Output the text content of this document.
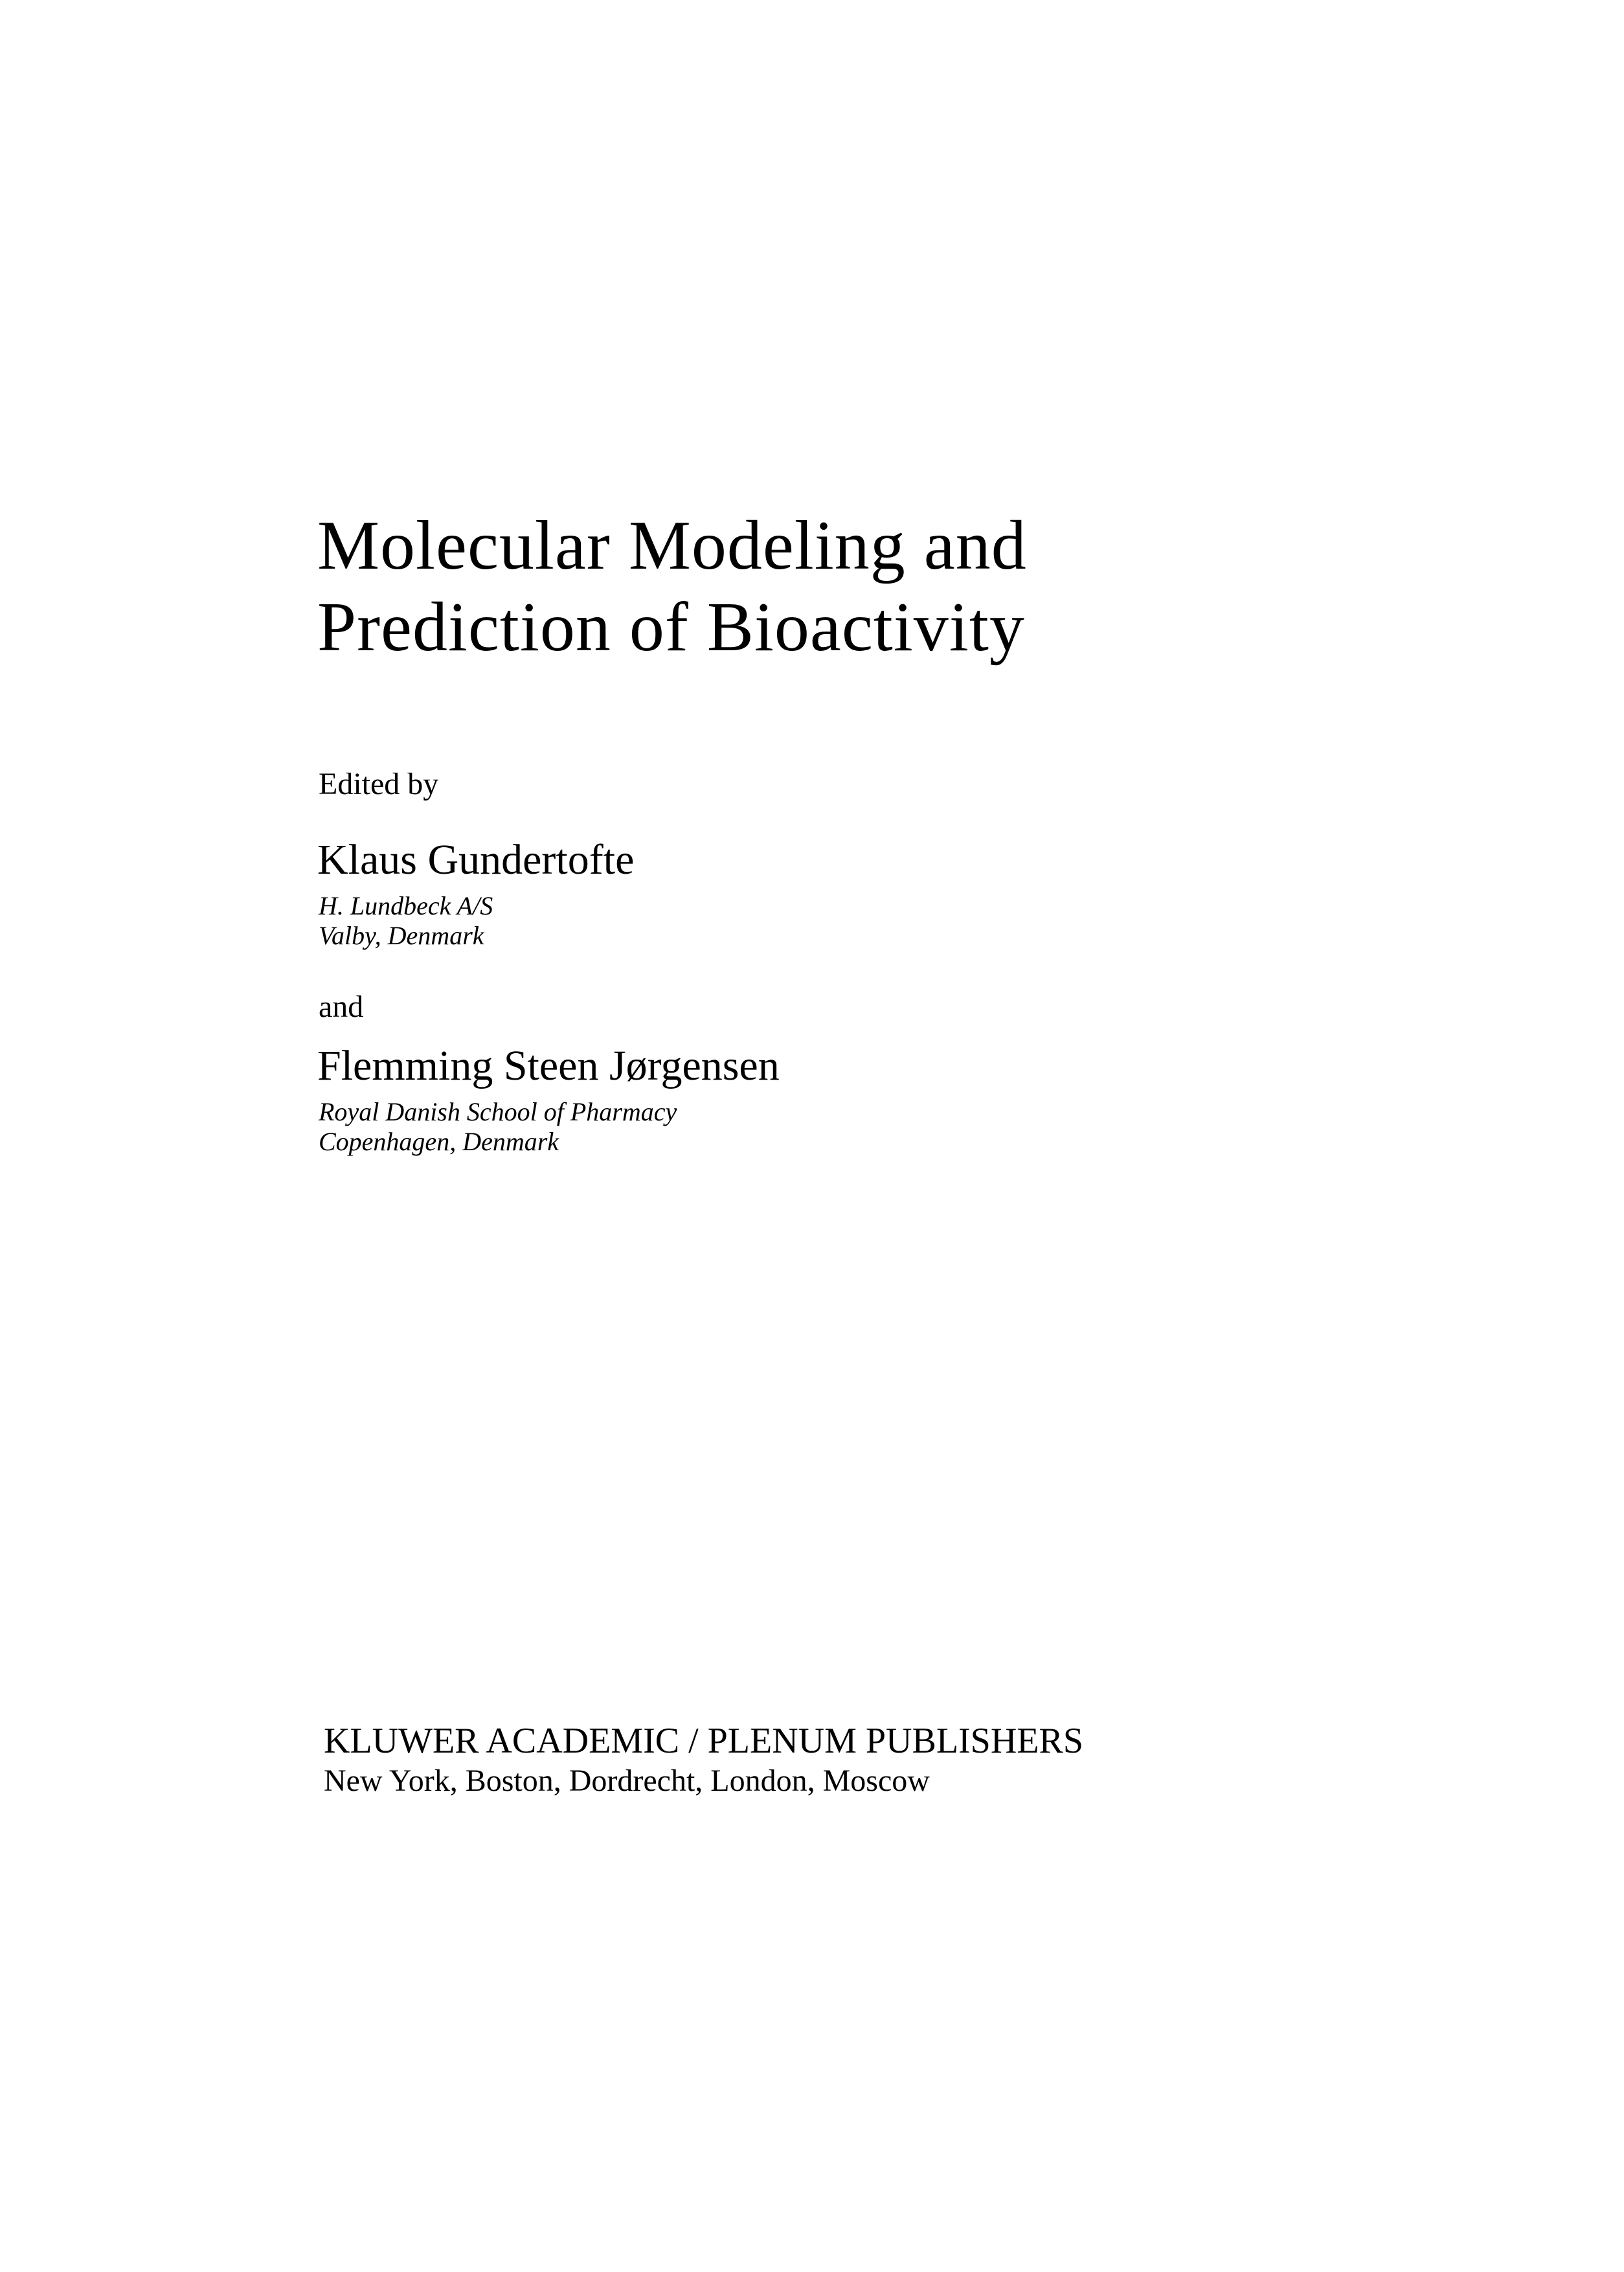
Molecular Modeling and
Prediction of Bioactivity
Edited by
Klaus Gundertofte
H. Lundbeck A/S
Valby, Denmark
and
Flemming Steen Jørgensen
Royal Danish School of Pharmacy
Copenhagen, Denmark
KLUWER ACADEMIC / PLENUM PUBLISHERS
New York, Boston, Dordrecht, London, Moscow
